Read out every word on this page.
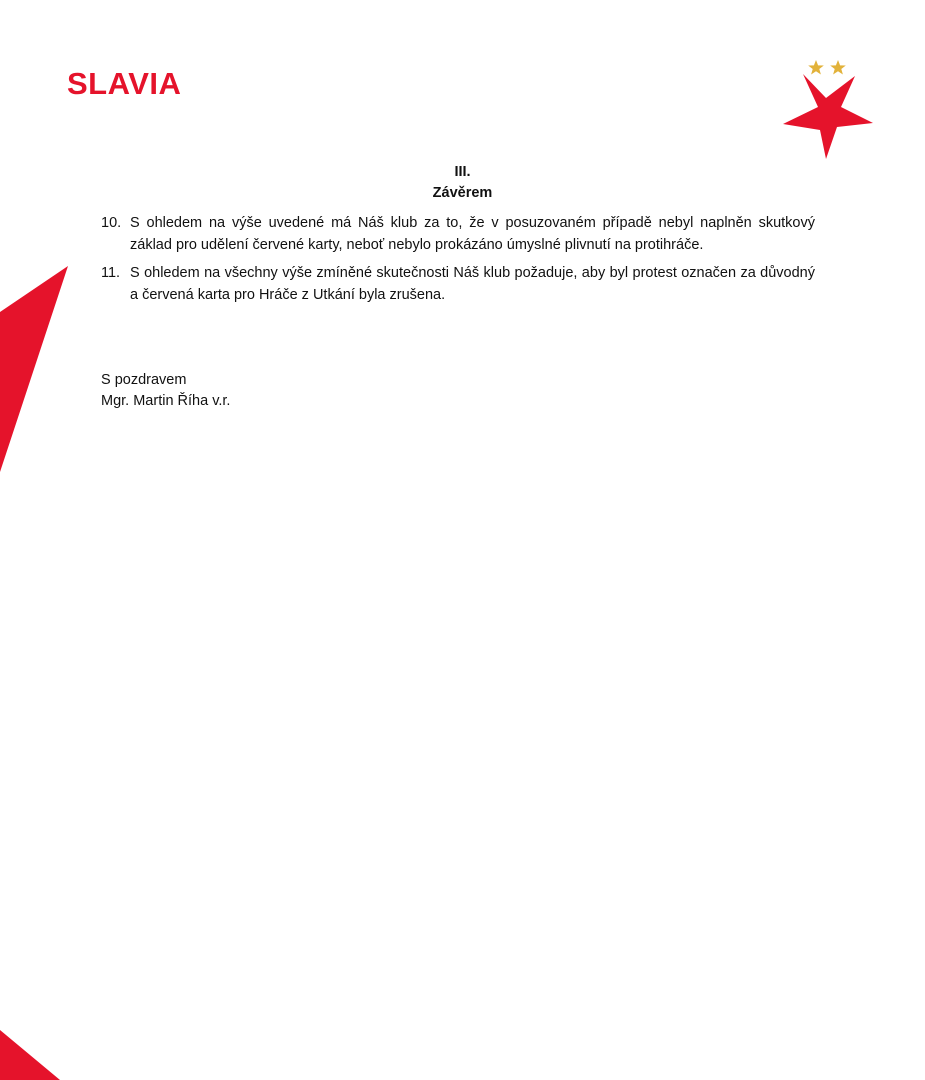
SLAVIA
III.
Závěrem
10. S ohledem na výše uvedené má Náš klub za to, že v posuzovaném případě nebyl naplněn skutkový základ pro udělení červené karty, neboť nebylo prokázáno úmyslné plivnutí na protihráče.
11. S ohledem na všechny výše zmíněné skutečnosti Náš klub požaduje, aby byl protest označen za důvodný a červená karta pro Hráče z Utkání byla zrušena.
S pozdravem
Mgr. Martin Říha v.r.
